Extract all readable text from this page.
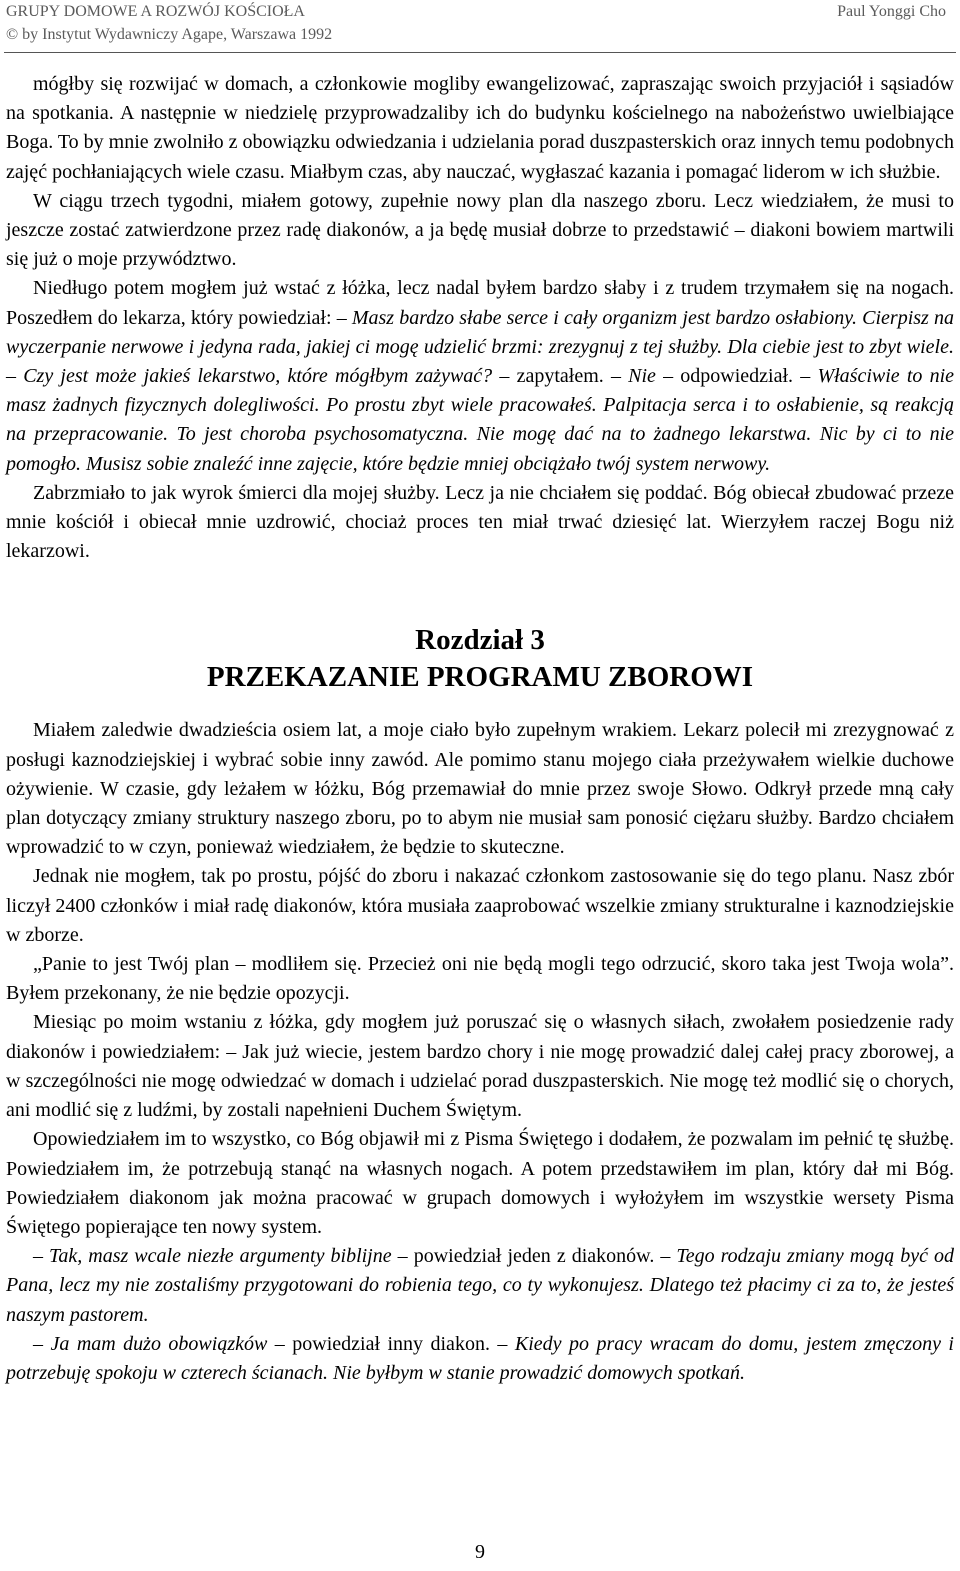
GRUPY DOMOWE A ROZWÓJ KOŚCIOŁA	Paul Yonggi Cho
© by Instytut Wydawniczy Agape, Warszawa 1992

mógłby się rozwijać w domach, a członkowie mogliby ewangelizować, zapraszając swoich przyjaciół i sąsiadów na spotkania. A następnie w niedzielę przyprowadzaliby ich do budynku kościelnego na nabożeństwo uwielbiające Boga. To by mnie zwolniło z obowiązku odwiedzania i udzielania porad duszpasterskich oraz innych temu podobnych zajęć pochłaniających wiele czasu. Miałbym czas, aby nauczać, wygłaszać kazania i pomagać liderom w ich służbie.

W ciągu trzech tygodni, miałem gotowy, zupełnie nowy plan dla naszego zboru. Lecz wiedziałem, że musi to jeszcze zostać zatwierdzone przez radę diakonów, a ja będę musiał dobrze to przedstawić – diakoni bowiem martwili się już o moje przywództwo.

Niedługo potem mogłem już wstać z łóżka, lecz nadal byłem bardzo słaby i z trudem trzymałem się na nogach. Poszedłem do lekarza, który powiedział: – Masz bardzo słabe serce i cały organizm jest bardzo osłabiony. Cierpisz na wyczerpanie nerwowe i jedyna rada, jakiej ci mogę udzielić brzmi: zrezygnuj z tej służby. Dla ciebie jest to zbyt wiele. – Czy jest może jakieś lekarstwo, które mógłbym zażywać? – zapytałem. – Nie – odpowiedział. – Właściwie to nie masz żadnych fizycznych dolegliwości. Po prostu zbyt wiele pracowałeś. Palpitacja serca i to osłabienie, są reakcją na przepracowanie. To jest choroba psychosomatyczna. Nie mogę dać na to żadnego lekarstwa. Nic by ci to nie pomogło. Musisz sobie znaleźć inne zajęcie, które będzie mniej obciążało twój system nerwowy.

Zabrzmiało to jak wyrok śmierci dla mojej służby. Lecz ja nie chciałem się poddać. Bóg obiecał zbudować przeze mnie kościół i obiecał mnie uzdrowić, chociaż proces ten miał trwać dziesięć lat. Wierzyłem raczej Bogu niż lekarzowi.

Rozdział 3
PRZEKAZANIE PROGRAMU ZBOROWI

Miałem zaledwie dwadzieścia osiem lat, a moje ciało było zupełnym wrakiem. Lekarz polecił mi zrezygnować z posługi kaznodziejskiej i wybrać sobie inny zawód. Ale pomimo stanu mojego ciała przeżywałem wielkie duchowe ożywienie. W czasie, gdy leżałem w łóżku, Bóg przemawiał do mnie przez swoje Słowo. Odkrył przede mną cały plan dotyczący zmiany struktury naszego zboru, po to abym nie musiał sam ponosić ciężaru służby. Bardzo chciałem wprowadzić to w czyn, ponieważ wiedziałem, że będzie to skuteczne.

Jednak nie mogłem, tak po prostu, pójść do zboru i nakazać członkom zastosowanie się do tego planu. Nasz zbór liczył 2400 członków i miał radę diakonów, która musiała zaaprobować wszelkie zmiany strukturalne i kaznodziejskie w zborze.

„Panie to jest Twój plan – modliłem się. Przecież oni nie będą mogli tego odrzucić, skoro taka jest Twoja wola”. Byłem przekonany, że nie będzie opozycji.

Miesiąc po moim wstaniu z łóżka, gdy mogłem już poruszać się o własnych siłach, zwołałem posiedzenie rady diakonów i powiedziałem: – Jak już wiecie, jestem bardzo chory i nie mogę prowadzić dalej całej pracy zborowej, a w szczególności nie mogę odwiedzać w domach i udzielać porad duszpasterskich. Nie mogę też modlić się o chorych, ani modlić się z ludźmi, by zostali napełnieni Duchem Świętym.

Opowiedziałem im to wszystko, co Bóg objawił mi z Pisma Świętego i dodałem, że pozwalam im pełnić tę służbę. Powiedziałem im, że potrzebują stanąć na własnych nogach. A potem przedstawiłem im plan, który dał mi Bóg. Powiedziałem diakonom jak można pracować w grupach domowych i wyłożyłem im wszystkie wersety Pisma Świętego popierające ten nowy system.

– Tak, masz wcale niezłe argumenty biblijne – powiedział jeden z diakonów. – Tego rodzaju zmiany mogą być od Pana, lecz my nie zostaliśmy przygotowani do robienia tego, co ty wykonujesz. Dlatego też płacimy ci za to, że jesteś naszym pastorem.

– Ja mam dużo obowiązków – powiedział inny diakon. – Kiedy po pracy wracam do domu, jestem zmęczony i potrzebuję spokoju w czterech ścianach. Nie byłbym w stanie prowadzić domowych spotkań.

9
